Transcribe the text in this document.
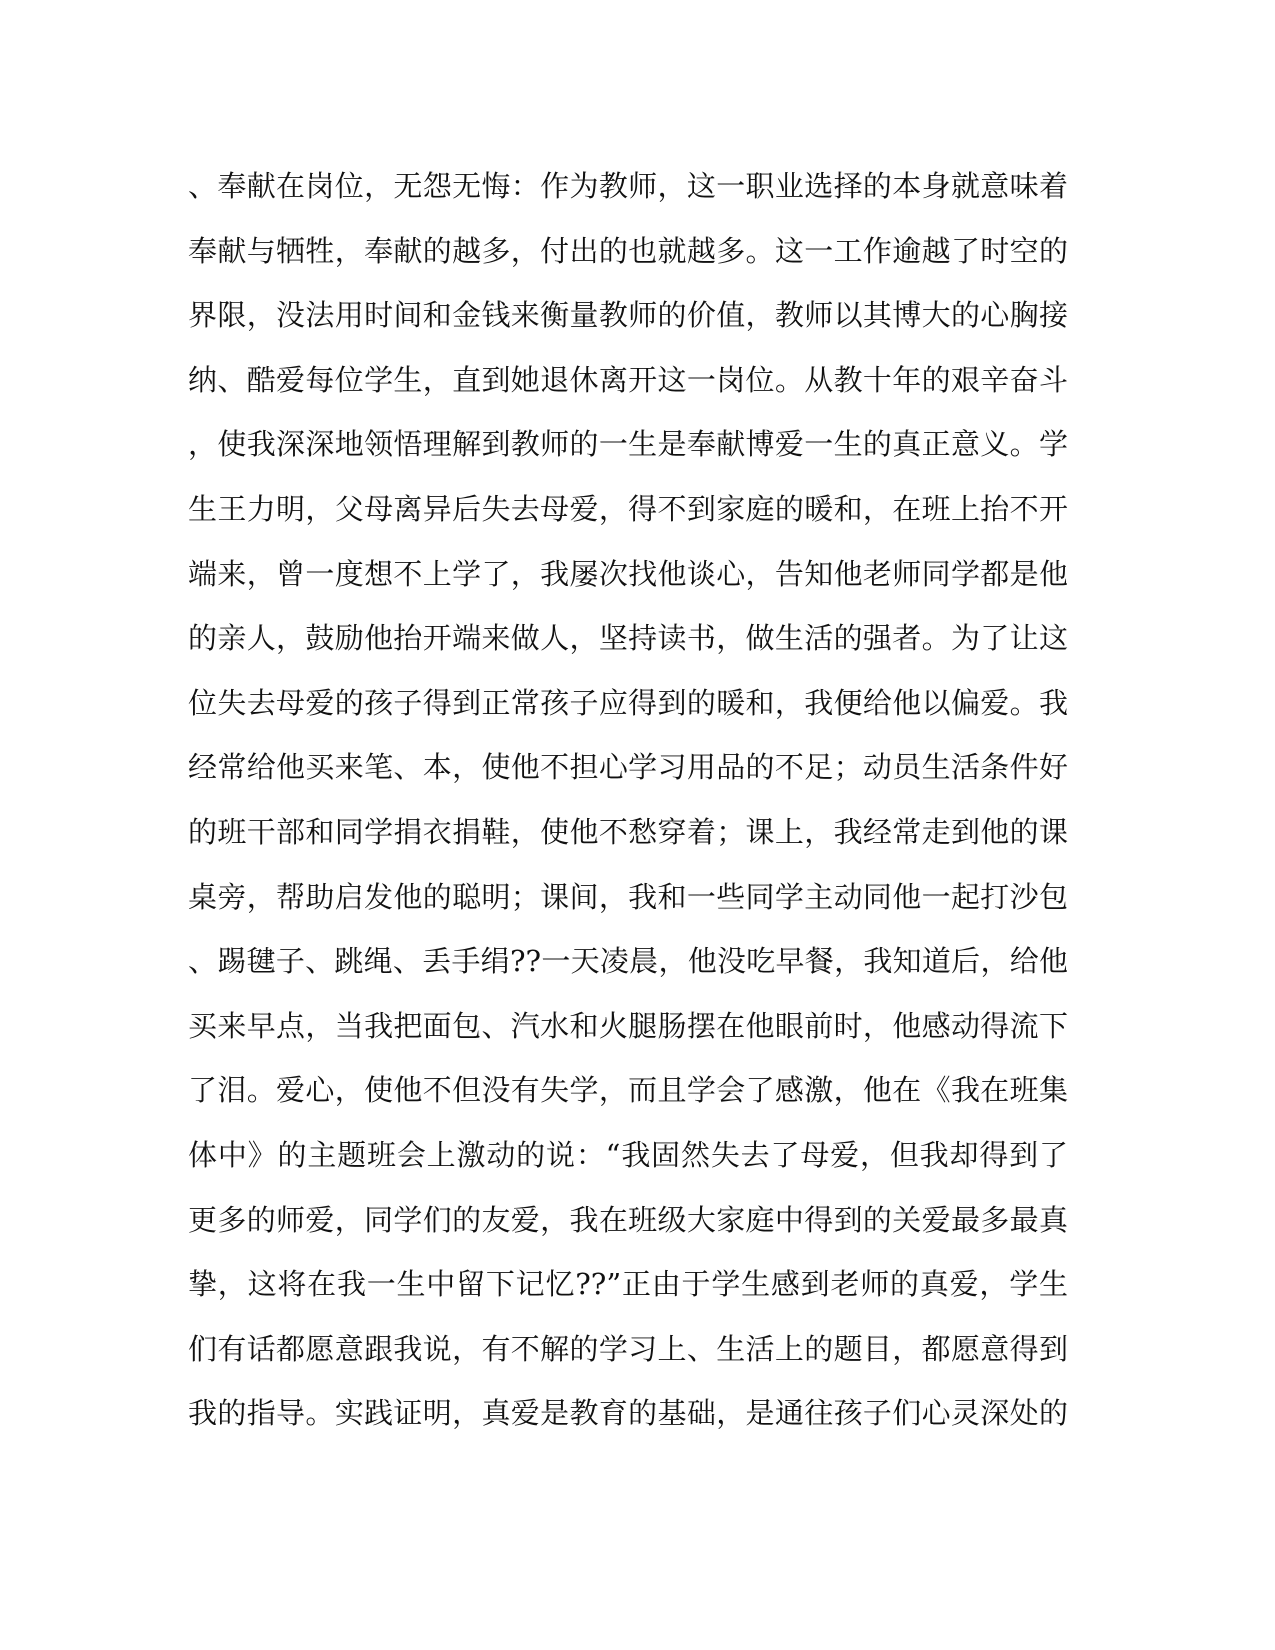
、奉献在岗位，无怨无悔：作为教师，这一职业选择的本身就意味着
奉献与牺牲，奉献的越多，付出的也就越多。这一工作逾越了时空的
界限，没法用时间和金钱来衡量教师的价值，教师以其博大的心胸接
纳、酷爱每位学生，直到她退休离开这一岗位。从教十年的艰辛奋斗
，使我深深地领悟理解到教师的一生是奉献博爱一生的真正意义。学
生王力明，父母离异后失去母爱，得不到家庭的暖和，在班上抬不开
端来，曾一度想不上学了，我屡次找他谈心，告知他老师同学都是他
的亲人，鼓励他抬开端来做人，坚持读书，做生活的强者。为了让这
位失去母爱的孩子得到正常孩子应得到的暖和，我便给他以偏爱。我
经常给他买来笔、本，使他不担心学习用品的不足；动员生活条件好
的班干部和同学捐衣捐鞋，使他不愁穿着；课上，我经常走到他的课
桌旁，帮助启发他的聪明；课间，我和一些同学主动同他一起打沙包
、踢毽子、跳绳、丢手绢??一天凌晨，他没吃早餐，我知道后，给他
买来早点，当我把面包、汽水和火腿肠摆在他眼前时，他感动得流下
了泪。爱心，使他不但没有失学，而且学会了感激，他在《我在班集
体中》的主题班会上激动的说：“我固然失去了母爱，但我却得到了
更多的师爱，同学们的友爱，我在班级大家庭中得到的关爱最多最真
挚，这将在我一生中留下记忆??”正由于学生感到老师的真爱，学生
们有话都愿意跟我说，有不解的学习上、生活上的题目，都愿意得到
我的指导。实践证明，真爱是教育的基础，是通往孩子们心灵深处的
